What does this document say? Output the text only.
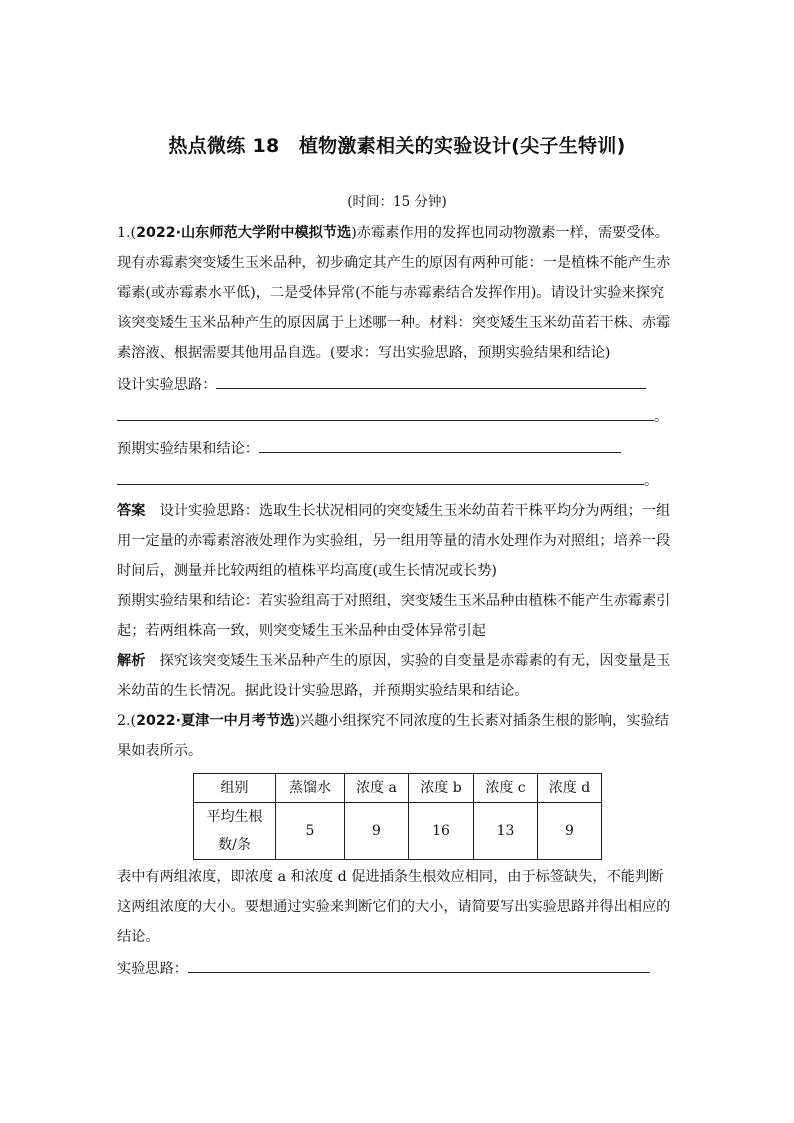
热点微练 18　植物激素相关的实验设计(尖子生特训)
(时间：15 分钟)

1.(2022·山东师范大学附中模拟节选)赤霉素作用的发挥也同动物激素一样，需要受体。现有赤霉素突变矮生玉米品种，初步确定其产生的原因有两种可能：一是植株不能产生赤霉素(或赤霉素水平低)，二是受体异常(不能与赤霉素结合发挥作用)。请设计实验来探究该突变矮生玉米品种产生的原因属于上述哪一种。材料：突变矮生玉米幼苗若干株、赤霉素溶液、根据需要其他用品自选。(要求：写出实验思路，预期实验结果和结论)

设计实验思路：

。

预期实验结果和结论：

。

答案　 设计实验思路：选取生长状况相同的突变矮生玉米幼苗若干株平均分为两组；一组用一定量的赤霉素溶液处理作为实验组，另一组用等量的清水处理作为对照组；培养一段时间后，测量并比较两组的植株平均高度(或生长情况或长势)

预期实验结果和结论：若实验组高于对照组，突变矮生玉米品种由植株不能产生赤霉素引起；若两组株高一致，则突变矮生玉米品种由受体异常引起

解析　 探究该突变矮生玉米品种产生的原因，实验的自变量是赤霉素的有无，因变量是玉米幼苗的生长情况。据此设计实验思路，并预期实验结果和结论。

2.(2022·夏津一中月考节选)兴趣小组探究不同浓度的生长素对插条生根的影响，实验结果如表所示。

组别	蒸馏水	浓度 a	浓度 b	浓度 c	浓度 d
平均生根
数/条	5	9	16	13	9

表中有两组浓度，即浓度 a 和浓度 d 促进插条生根效应相同，由于标签缺失，不能判断这两组浓度的大小。要想通过实验来判断它们的大小，请简要写出实验思路并得出相应的结论。

实验思路：
